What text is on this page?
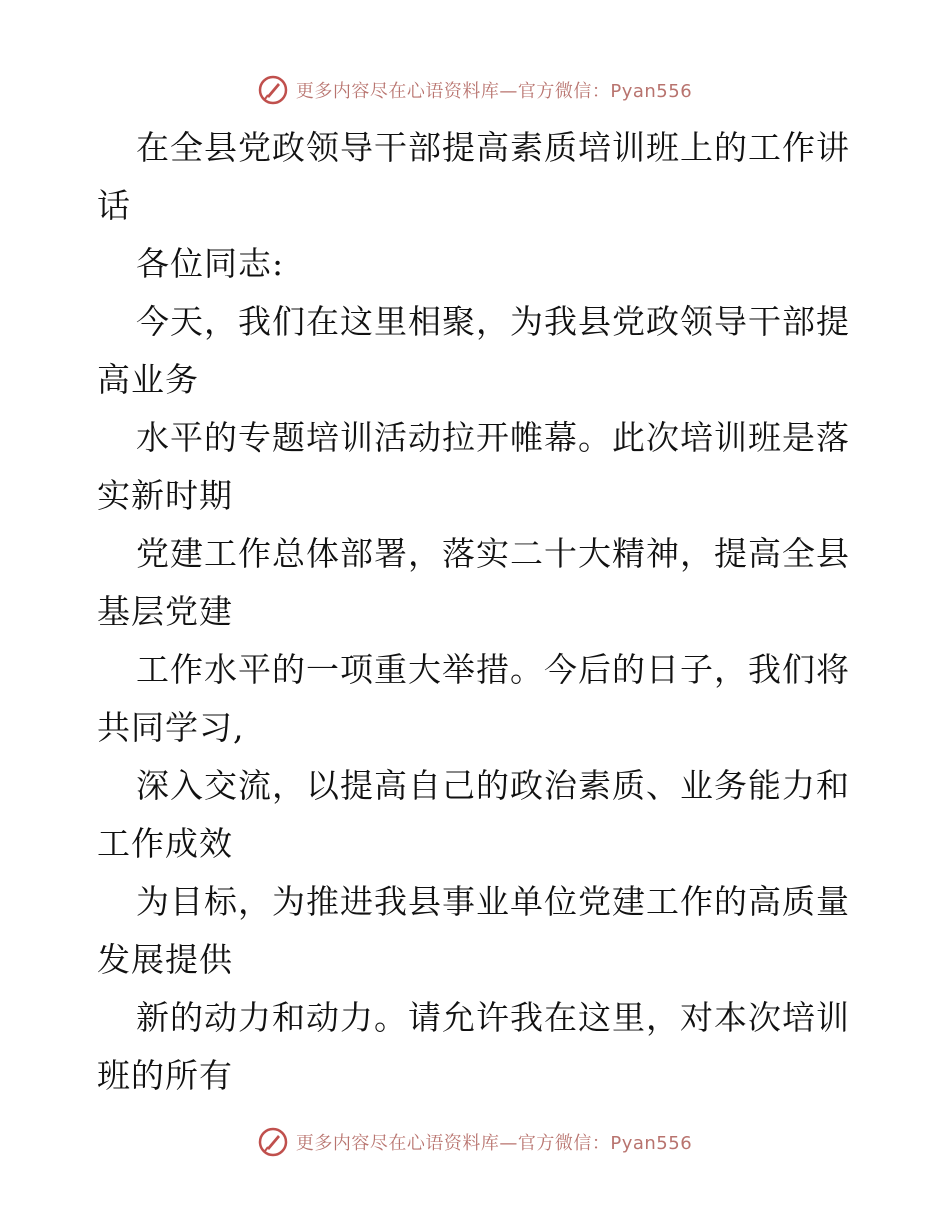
更多内容尽在心语资料库—官方微信：Pyan556
在全县党政领导干部提高素质培训班上的工作讲
话
各位同志:
今天，我们在这里相聚，为我县党政领导干部提
高业务
水平的专题培训活动拉开帷幕。此次培训班是落
实新时期
党建工作总体部署，落实二十大精神，提高全县
基层党建
工作水平的一项重大举措。今后的日子，我们将
共同学习,
深入交流，以提高自己的政治素质、业务能力和
工作成效
为目标，为推进我县事业单位党建工作的高质量
发展提供
新的动力和动力。请允许我在这里，对本次培训
班的所有
更多内容尽在心语资料库—官方微信：Pyan556
